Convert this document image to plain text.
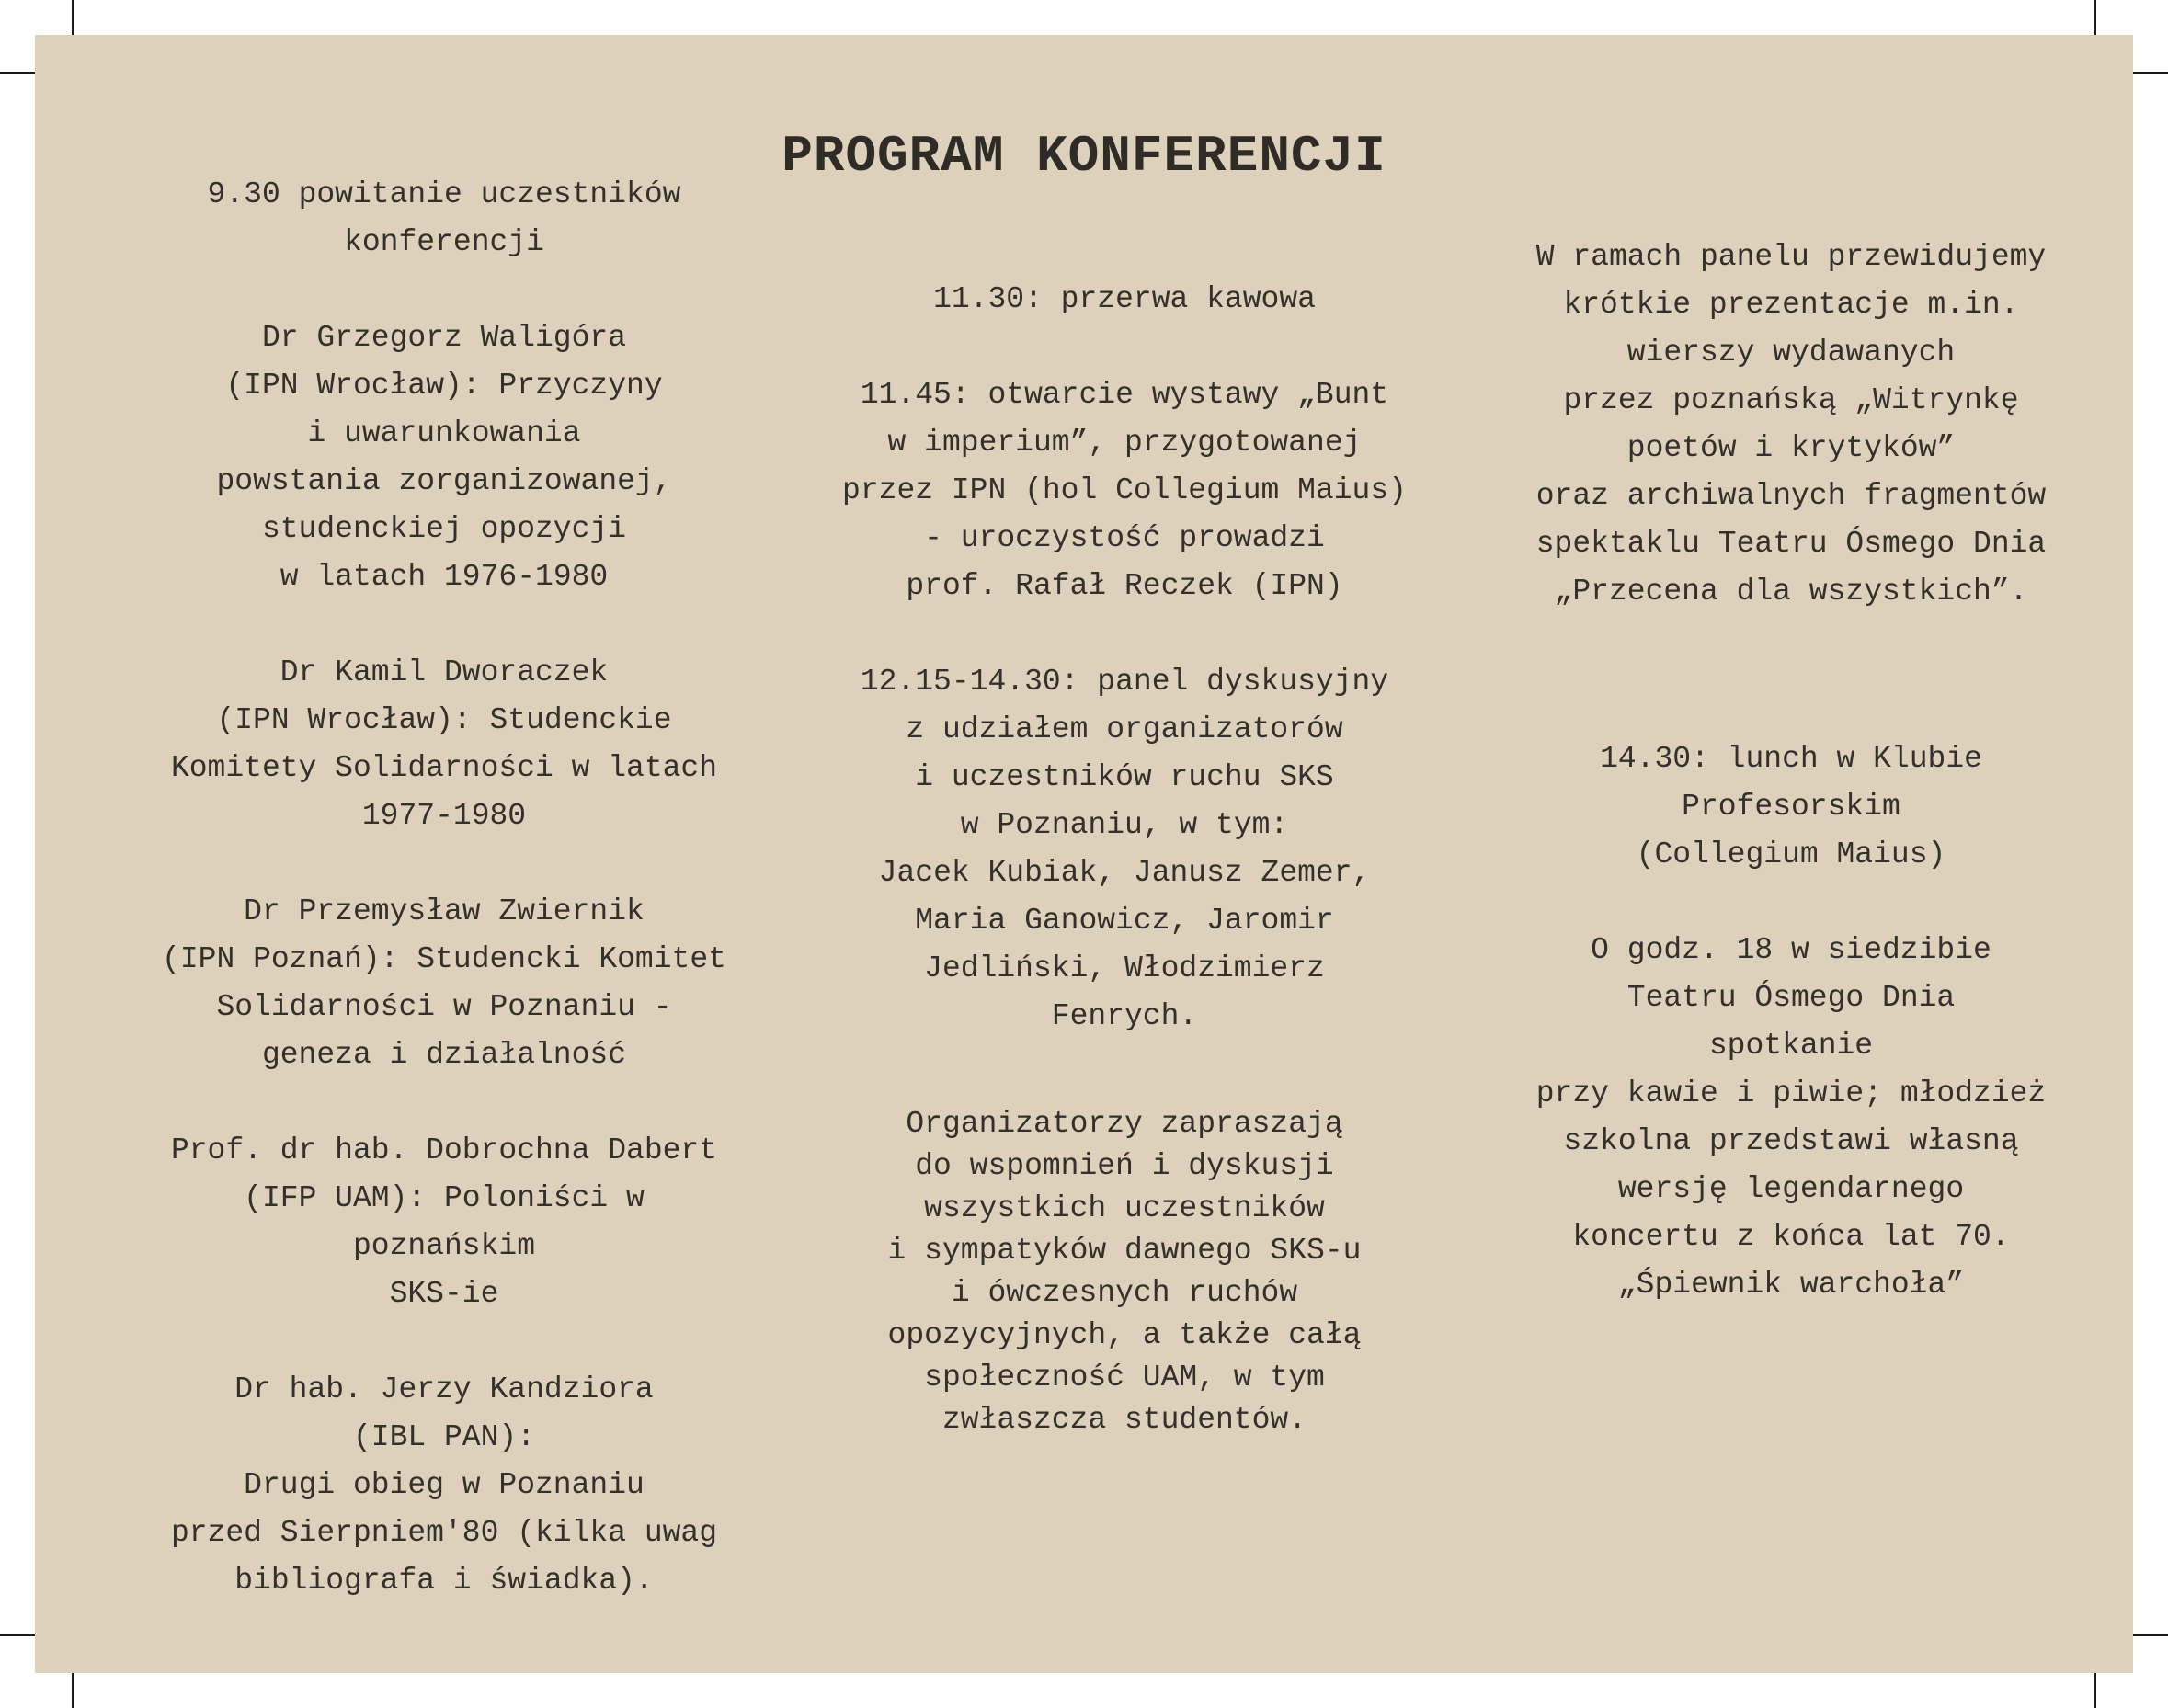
PROGRAM KONFERENCJI
9.30 powitanie uczestników
konferencji
Dr Grzegorz Waligóra
(IPN Wrocław): Przyczyny
i uwarunkowania
powstania zorganizowanej,
studenckiej opozycji
w latach 1976-1980
Dr Kamil Dworaczek
(IPN Wrocław): Studenckie
Komitety Solidarności w latach
1977-1980
Dr Przemysław Zwiernik
(IPN Poznań): Studencki Komitet
Solidarności w Poznaniu -
geneza i działalność
Prof. dr hab. Dobrochna Dabert
(IFP UAM): Poloniści w
poznańskim
SKS-ie
Dr hab. Jerzy Kandziora
(IBL PAN):
Drugi obieg w Poznaniu
przed Sierpniem'80 (kilka uwag
bibliografa i świadka).
11.30: przerwa kawowa
11.45: otwarcie wystawy „Bunt
w imperium”, przygotowanej
przez IPN (hol Collegium Maius)
- uroczystość prowadzi
prof. Rafał Reczek (IPN)
12.15-14.30: panel dyskusyjny
z udziałem organizatorów
i uczestników ruchu SKS
w Poznaniu, w tym:
Jacek Kubiak, Janusz Zemer,
Maria Ganowicz, Jaromir
Jedliński, Włodzimierz
Fenrych.
Organizatorzy zapraszają
do wspomnień i dyskusji
wszystkich uczestników
i sympatyków dawnego SKS-u
i ówczesnych ruchów
opozycyjnych, a także całą
społeczność UAM, w tym
zwłaszcza studentów.
W ramach panelu przewidujemy
krótkie prezentacje m.in.
wierszy wydawanych
przez poznańską „Witrynkę
poetów i krytyków”
oraz archiwalnych fragmentów
spektaklu Teatru Ósmego Dnia
„Przecena dla wszystkich”.
14.30: lunch w Klubie
Profesorskim
(Collegium Maius)
O godz. 18 w siedzibie
Teatru Ósmego Dnia
spotkanie
przy kawie i piwie; młodzież
szkolna przedstawi własną
wersję legendarnego
koncertu z końca lat 70.
„Śpiewnik warchoła”
